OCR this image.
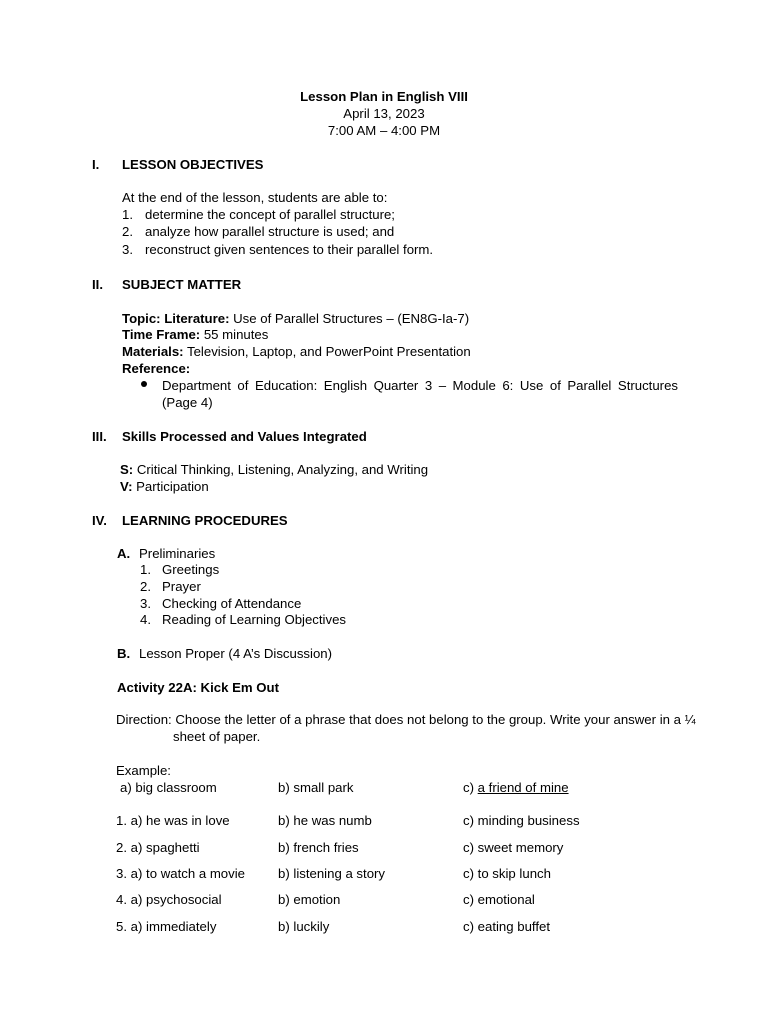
Lesson Plan in English VIII
April 13, 2023
7:00 AM – 4:00 PM
I. LESSON OBJECTIVES
At the end of the lesson, students are able to:
1. determine the concept of parallel structure;
2. analyze how parallel structure is used; and
3. reconstruct given sentences to their parallel form.
II. SUBJECT MATTER
Topic: Literature: Use of Parallel Structures – (EN8G-Ia-7)
Time Frame: 55 minutes
Materials: Television, Laptop, and PowerPoint Presentation
Reference:
Department of Education: English Quarter 3 – Module 6: Use of Parallel Structures (Page 4)
III. Skills Processed and Values Integrated
S: Critical Thinking, Listening, Analyzing, and Writing
V: Participation
IV. LEARNING PROCEDURES
A. Preliminaries
1. Greetings
2. Prayer
3. Checking of Attendance
4. Reading of Learning Objectives
B. Lesson Proper (4 A’s Discussion)
Activity 22A: Kick Em Out
Direction: Choose the letter of a phrase that does not belong to the group. Write your answer in a ¼
sheet of paper.
Example:
a) big classroom	b) small park	c) a friend of mine
1. a) he was in love	b) he was numb	c) minding business
2. a) spaghetti	b) french fries	c) sweet memory
3. a) to watch a movie b) listening a story	c) to skip lunch
4. a) psychosocial	b) emotion	c) emotional
5. a) immediately	b) luckily	c) eating buffet
